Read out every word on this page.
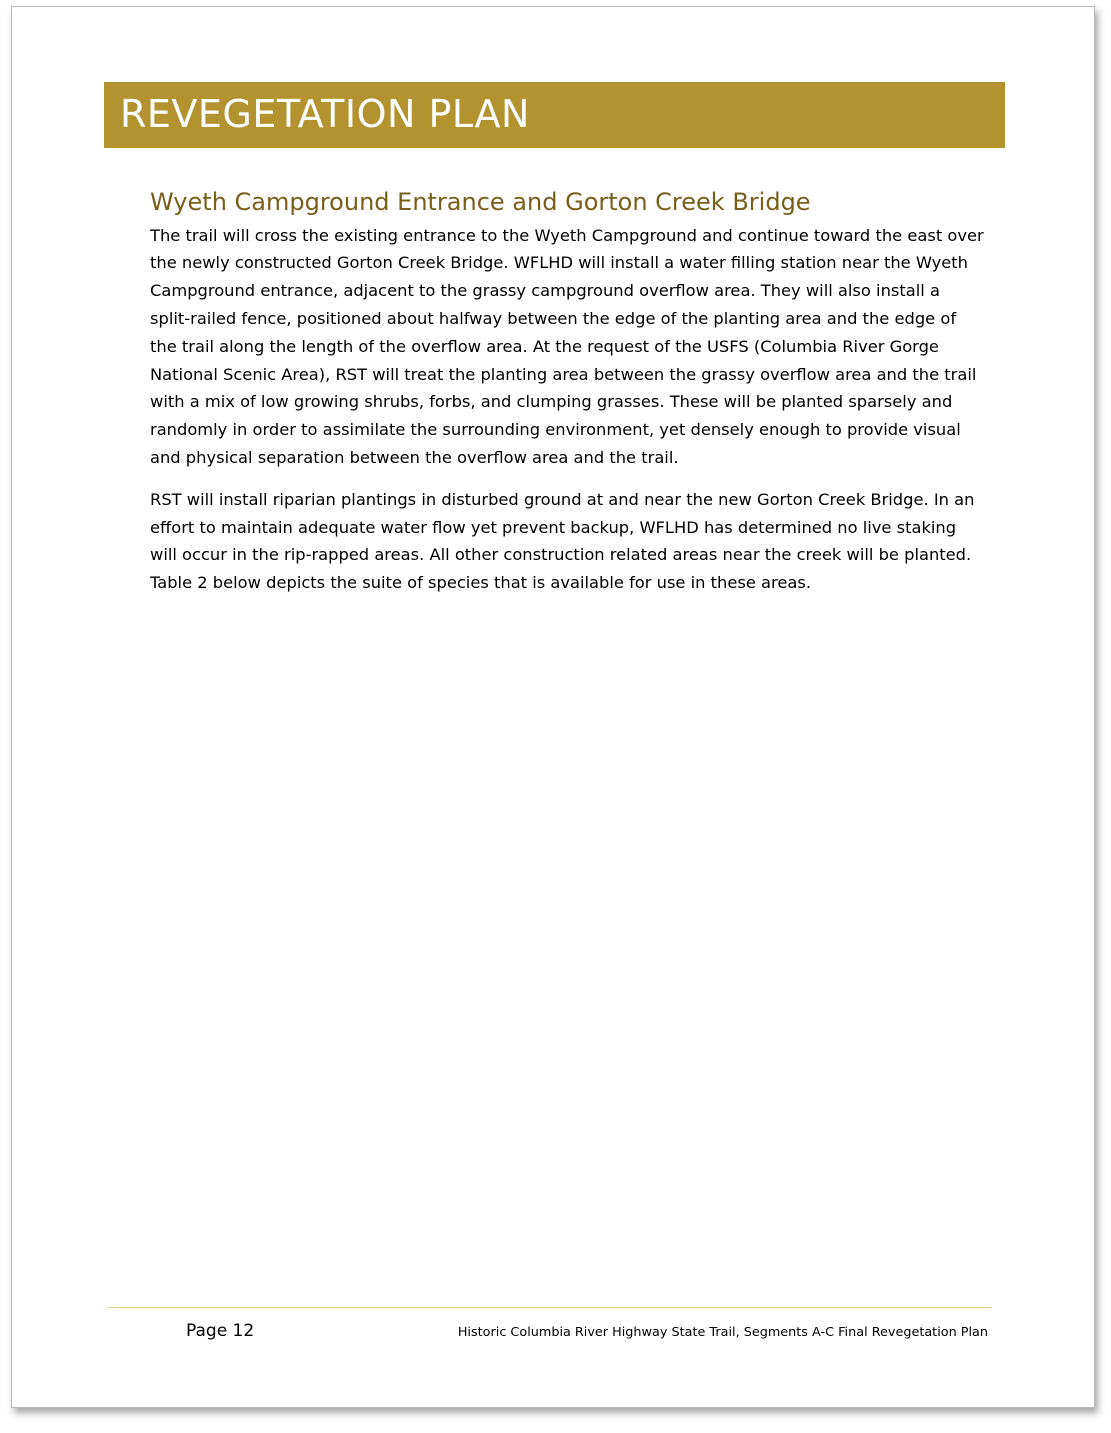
REVEGETATION PLAN
Wyeth Campground Entrance and Gorton Creek Bridge

The trail will cross the existing entrance to the Wyeth Campground and continue toward the east over the newly constructed Gorton Creek Bridge. WFLHD will install a water filling station near the Wyeth Campground entrance, adjacent to the grassy campground overflow area. They will also install a split-railed fence, positioned about halfway between the edge of the planting area and the edge of the trail along the length of the overflow area. At the request of the USFS (Columbia River Gorge National Scenic Area), RST will treat the planting area between the grassy overflow area and the trail with a mix of low growing shrubs, forbs, and clumping grasses. These will be planted sparsely and randomly in order to assimilate the surrounding environment, yet densely enough to provide visual and physical separation between the overflow area and the trail.

RST will install riparian plantings in disturbed ground at and near the new Gorton Creek Bridge. In an effort to maintain adequate water flow yet prevent backup, WFLHD has determined no live staking will occur in the rip-rapped areas. All other construction related areas near the creek will be planted. Table 2 below depicts the suite of species that is available for use in these areas.

Page 12	Historic Columbia River Highway State Trail, Segments A-C Final Revegetation Plan
